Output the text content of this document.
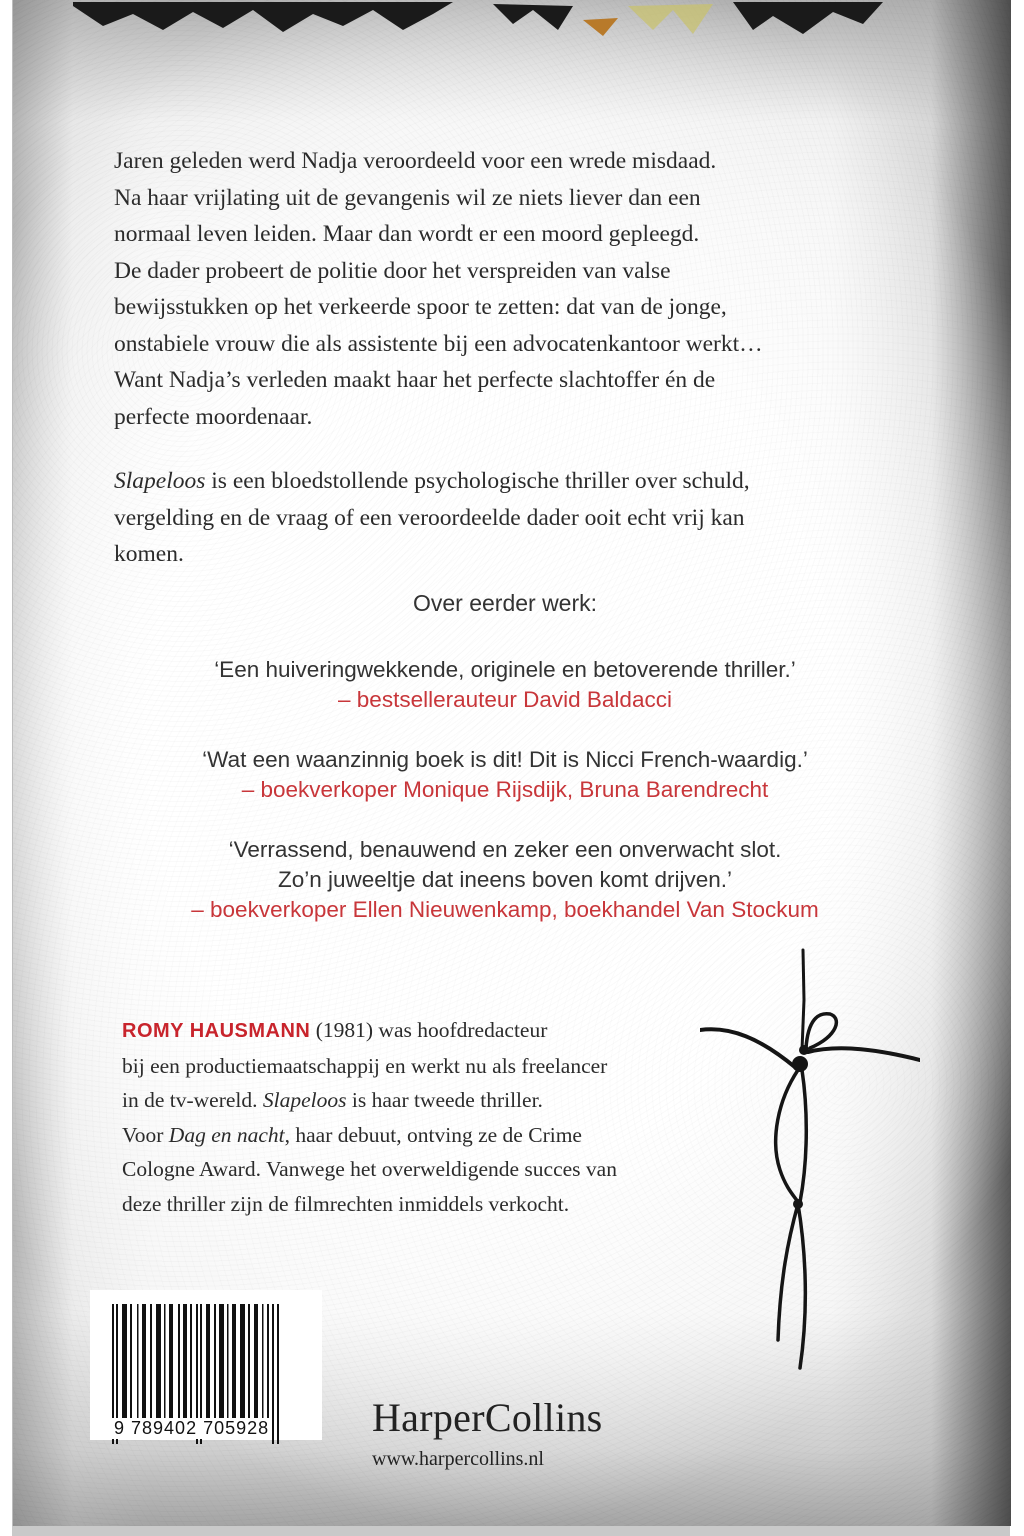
Jaren geleden werd Nadja veroordeeld voor een wrede misdaad.
Na haar vrijlating uit de gevangenis wil ze niets liever dan een
normaal leven leiden. Maar dan wordt er een moord gepleegd.
De dader probeert de politie door het verspreiden van valse
bewijsstukken op het verkeerde spoor te zetten: dat van de jonge,
onstabiele vrouw die als assistente bij een advocatenkantoor werkt…
Want Nadja’s verleden maakt haar het perfecte slachtoffer én de
perfecte moordenaar.
Slapeloos is een bloedstollende psychologische thriller over schuld,
vergelding en de vraag of een veroordeelde dader ooit echt vrij kan
komen.
Over eerder werk:
‘Een huiveringwekkende, originele en betoverende thriller.’
– bestsellerauteur David Baldacci
‘Wat een waanzinnig boek is dit! Dit is Nicci French-waardig.’
– boekverkoper Monique Rijsdijk, Bruna Barendrecht
‘Verrassend, benauwend en zeker een onverwacht slot.
Zo’n juweeltje dat ineens boven komt drijven.’
– boekverkoper Ellen Nieuwenkamp, boekhandel Van Stockum
ROMY HAUSMANN (1981) was hoofdredacteur
bij een productiemaatschappij en werkt nu als freelancer
in de tv-wereld. Slapeloos is haar tweede thriller.
Voor Dag en nacht, haar debuut, ontving ze de Crime
Cologne Award. Vanwege het overweldigende succes van
deze thriller zijn de filmrechten inmiddels verkocht.
9 789402 705928	HarperCollins
www.harpercollins.nl
